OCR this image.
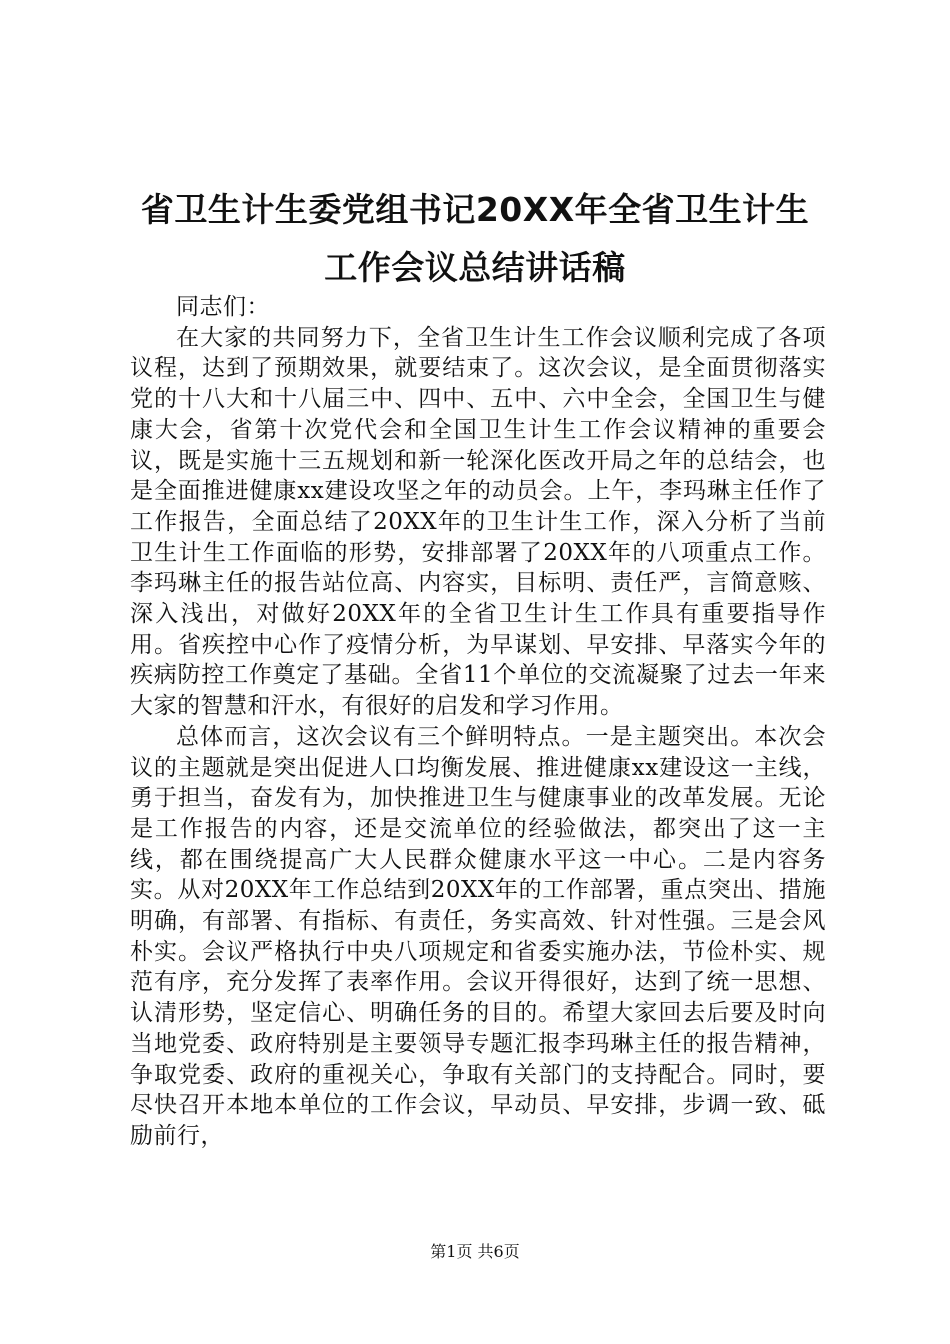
省卫生计生委党组书记20XX年全省卫生计生
工作会议总结讲话稿

同志们：

在大家的共同努力下，全省卫生计生工作会议顺利完成了各项议程，达到了预期效果，就要结束了。这次会议，是全面贯彻落实党的十八大和十八届三中、四中、五中、六中全会，全国卫生与健康大会，省第十次党代会和全国卫生计生工作会议精神的重要会议，既是实施十三五规划和新一轮深化医改开局之年的总结会，也是全面推进健康xx建设攻坚之年的动员会。上午，李玛琳主任作了工作报告，全面总结了20XX年的卫生计生工作，深入分析了当前卫生计生工作面临的形势，安排部署了20XX年的八项重点工作。李玛琳主任的报告站位高、内容实，目标明、责任严，言简意赅、深入浅出，对做好20XX年的全省卫生计生工作具有重要指导作用。省疾控中心作了疫情分析，为早谋划、早安排、早落实今年的疾病防控工作奠定了基础。全省11个单位的交流凝聚了过去一年来大家的智慧和汗水，有很好的启发和学习作用。

总体而言，这次会议有三个鲜明特点。一是主题突出。本次会议的主题就是突出促进人口均衡发展、推进健康xx建设这一主线，勇于担当，奋发有为，加快推进卫生与健康事业的改革发展。无论是工作报告的内容，还是交流单位的经验做法，都突出了这一主线，都在围绕提高广大人民群众健康水平这一中心。二是内容务实。从对20XX年工作总结到20XX年的工作部署，重点突出、措施明确，有部署、有指标、有责任，务实高效、针对性强。三是会风朴实。会议严格执行中央八项规定和省委实施办法，节俭朴实、规范有序，充分发挥了表率作用。会议开得很好，达到了统一思想、认清形势，坚定信心、明确任务的目的。希望大家回去后要及时向当地党委、政府特别是主要领导专题汇报李玛琳主任的报告精神，争取党委、政府的重视关心，争取有关部门的支持配合。同时，要尽快召开本地本单位的工作会议，早动员、早安排，步调一致、砥励前行，

第1页 共6页
